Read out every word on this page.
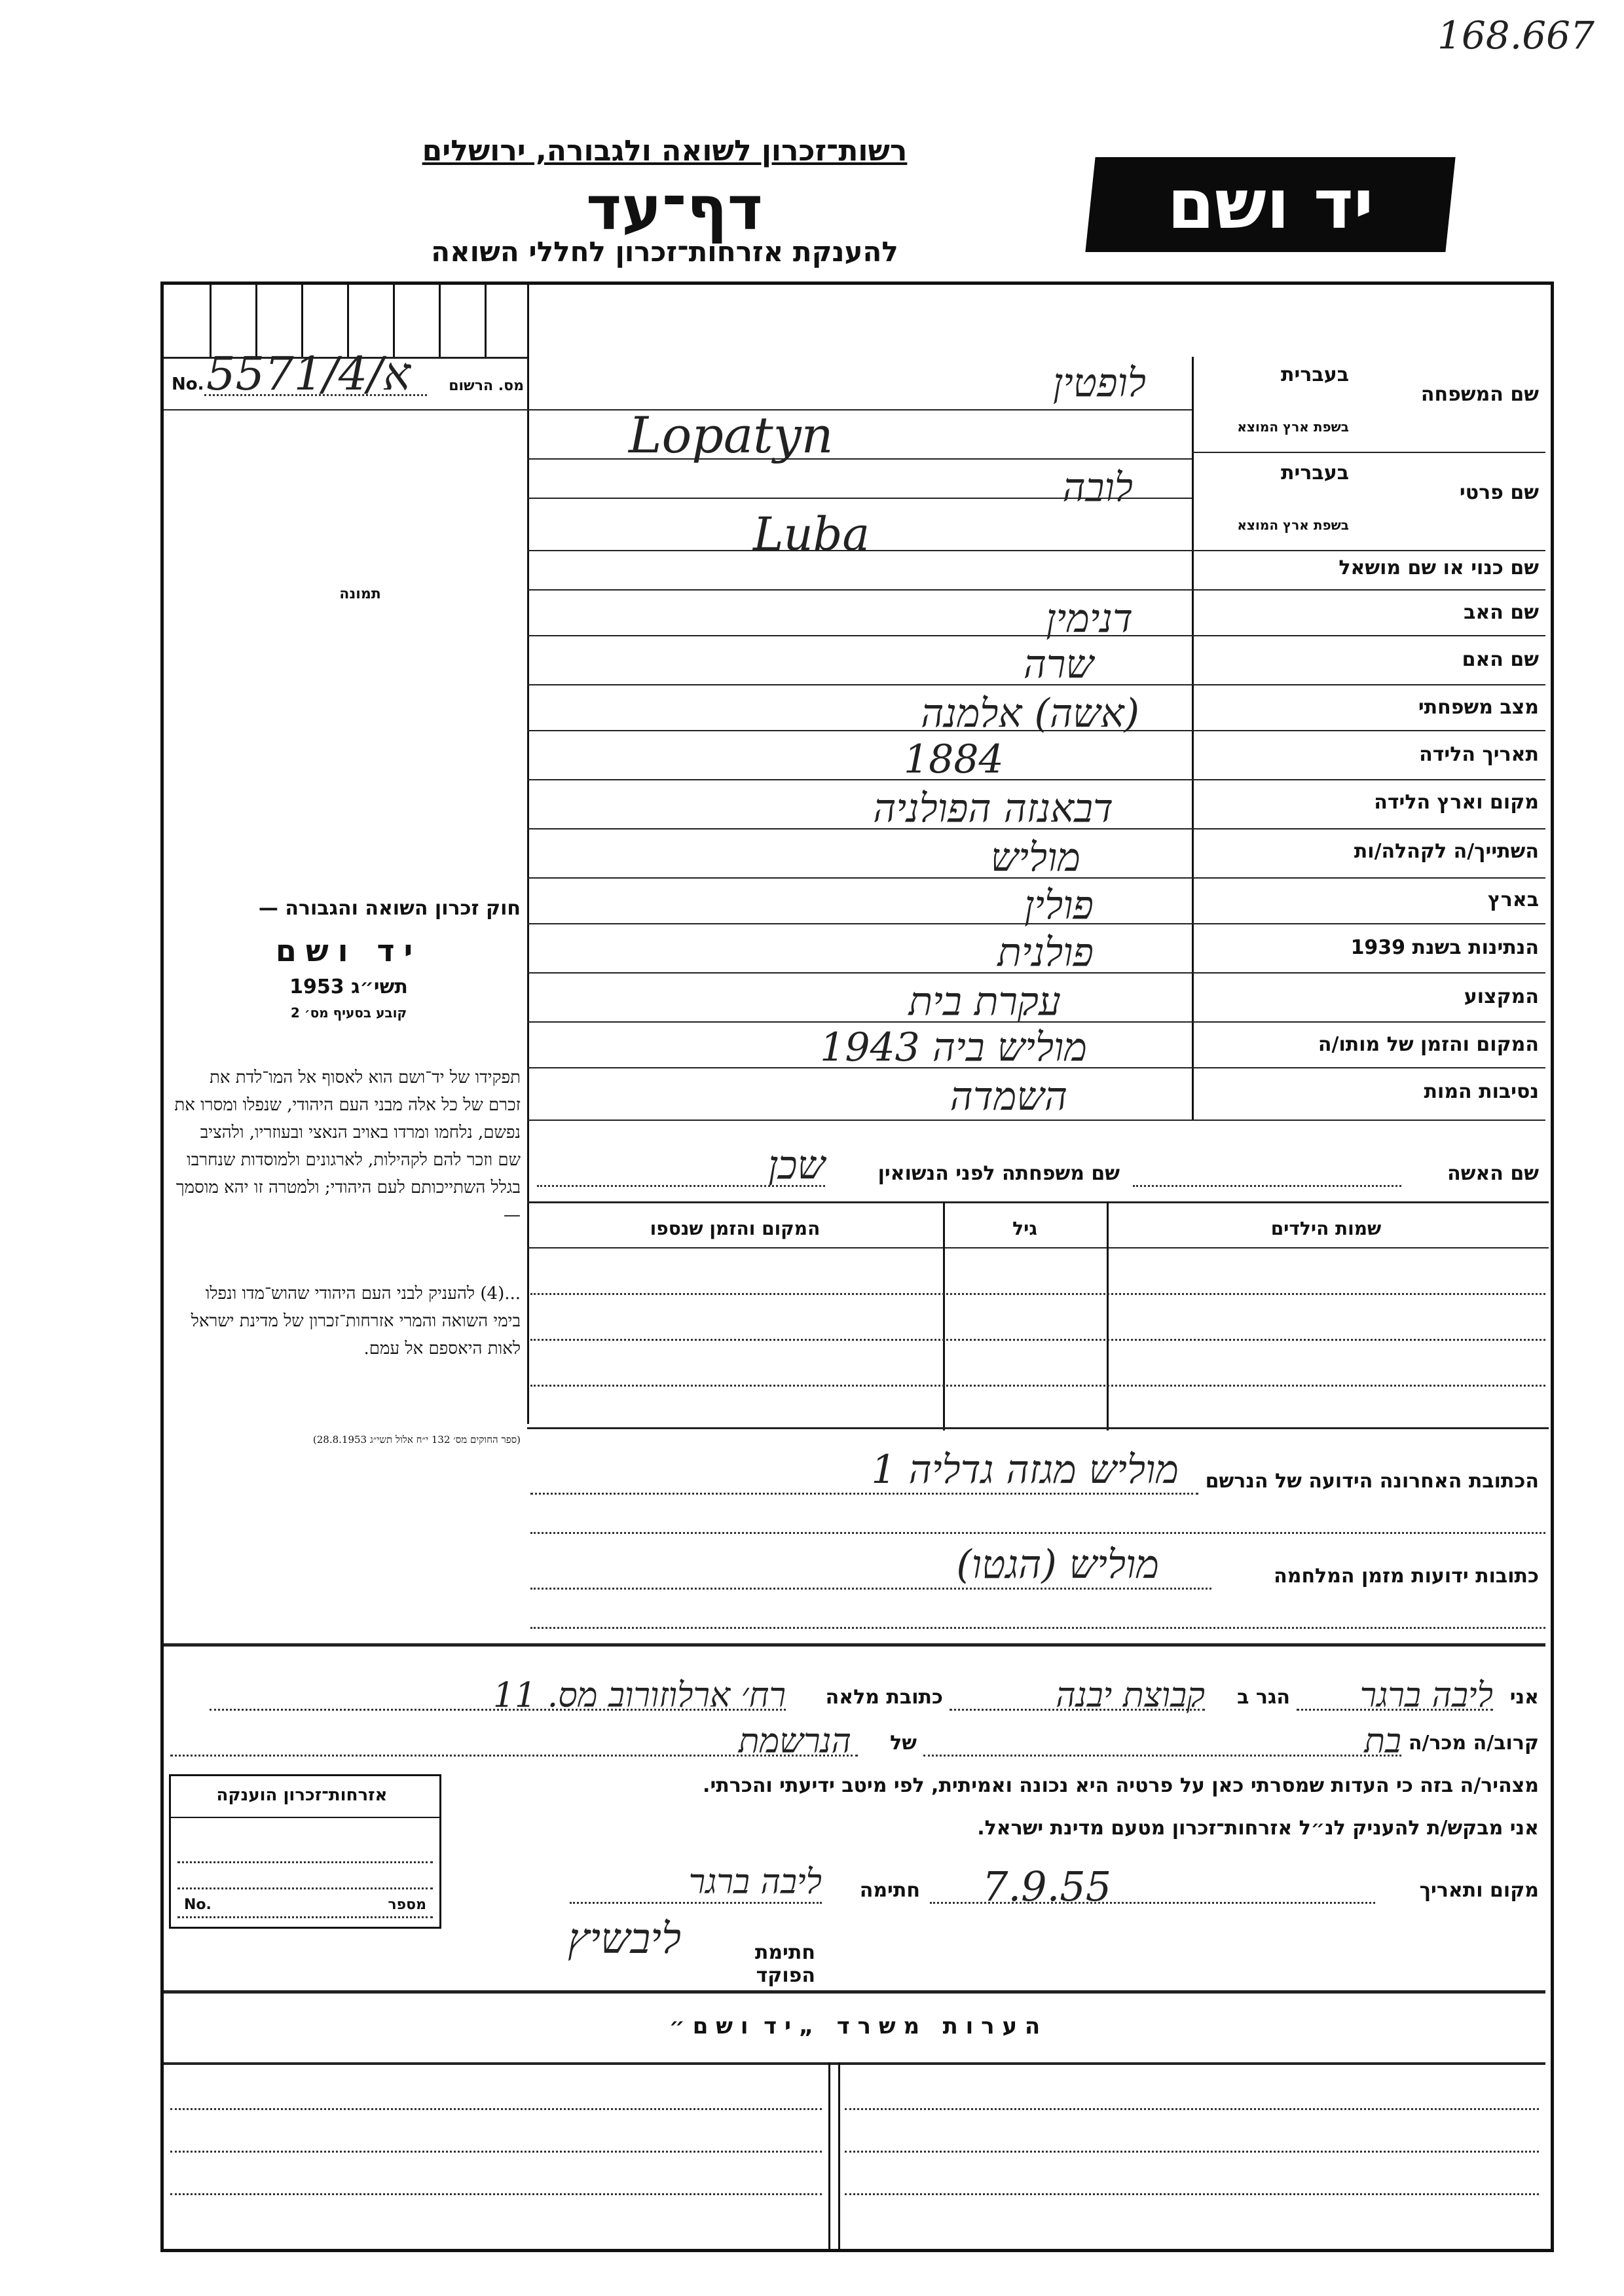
168.667
רשות־זכרון לשואה ולגבורה, ירושלים
דף־עד
להענקת אזרחות־זכרון לחללי השואה
יד ושם
No. א/5571/4	מס. הרשום
תמונה
חוק זכרון השואה והגבורה —
יד ושם
תשי״ג 1953
קובע בסעיף מס׳ 2
תפקידו של יד־ושם הוא לאסוף אל המו־לדת את זכרם של כל אלה מבני העם היהודי, שנפלו ומסרו את נפשם, נלחמו ומרדו באויב הנאצי ובעוזריו, ולהציב שם וזכר להם לקהילות, לארגונים ולמוסדות שנחרבו בגלל השתייכותם לעם היהודי; ולמטרה זו יהא מוסמך —
...(4) להעניק לבני העם היהודי שהוש־מדו ונפלו בימי השואה והמרי אזרחות־זכרון של מדינת ישראל לאות היאספם אל עמם.
(ספר החוקים מס׳ 132 י״ח אלול תשי״ג 28.8.1953)
שם המשפחה
בעברית
בשפת ארץ המוצא
שם פרטי
בעברית
בשפת ארץ המוצא
שם כנוי או שם מושאל
שם האב
שם האם
מצב משפחתי
תאריך הלידה
מקום וארץ הלידה
השתייך/ה לקהלה/ות
בארץ
הנתינות בשנת 1939
המקצוע
המקום והזמן של מותו/ה
נסיבות המות
לופטין
Lopatyn
לובה
Luba
דנימין
שרה
(אשה) אלמנה
1884
דבאנזה הפולניה
מוליש
פולין
פולנית
עקרת בית
מוליש ביה 1943
השמדה
שם האשה
שם משפחתה לפני הנשואין
שכן
שמות הילדים
גיל
המקום והזמן שנספו
הכתובת האחרונה הידועה של הנרשם
מוליש מגזה גדליה 1
כתובות ידועות מזמן המלחמה
מוליש (הגטו)
אני
ליבה ברגר
הגר ב
קבוצת יבנה
כתובת מלאה
רח׳ ארלוזורוב מס. 11
קרוב/ה מכר/ה
בת
של
הנרשמת
מצהיר/ה בזה כי העדות שמסרתי כאן על פרטיה היא נכונה ואמיתית, לפי מיטב ידיעתי והכרתי.
אני מבקש/ת להעניק לנ״ל אזרחות־זכרון מטעם מדינת ישראל.
מקום ותאריך
7.9.55
חתימה
ליבה ברגר
חתימת הפוקד
ליבשיץ
אזרחות־זכרון הוענקה
No.	מספר
ה ע ר ו ת   מ ש ר ד   „ י ד  ו ש ם ״
